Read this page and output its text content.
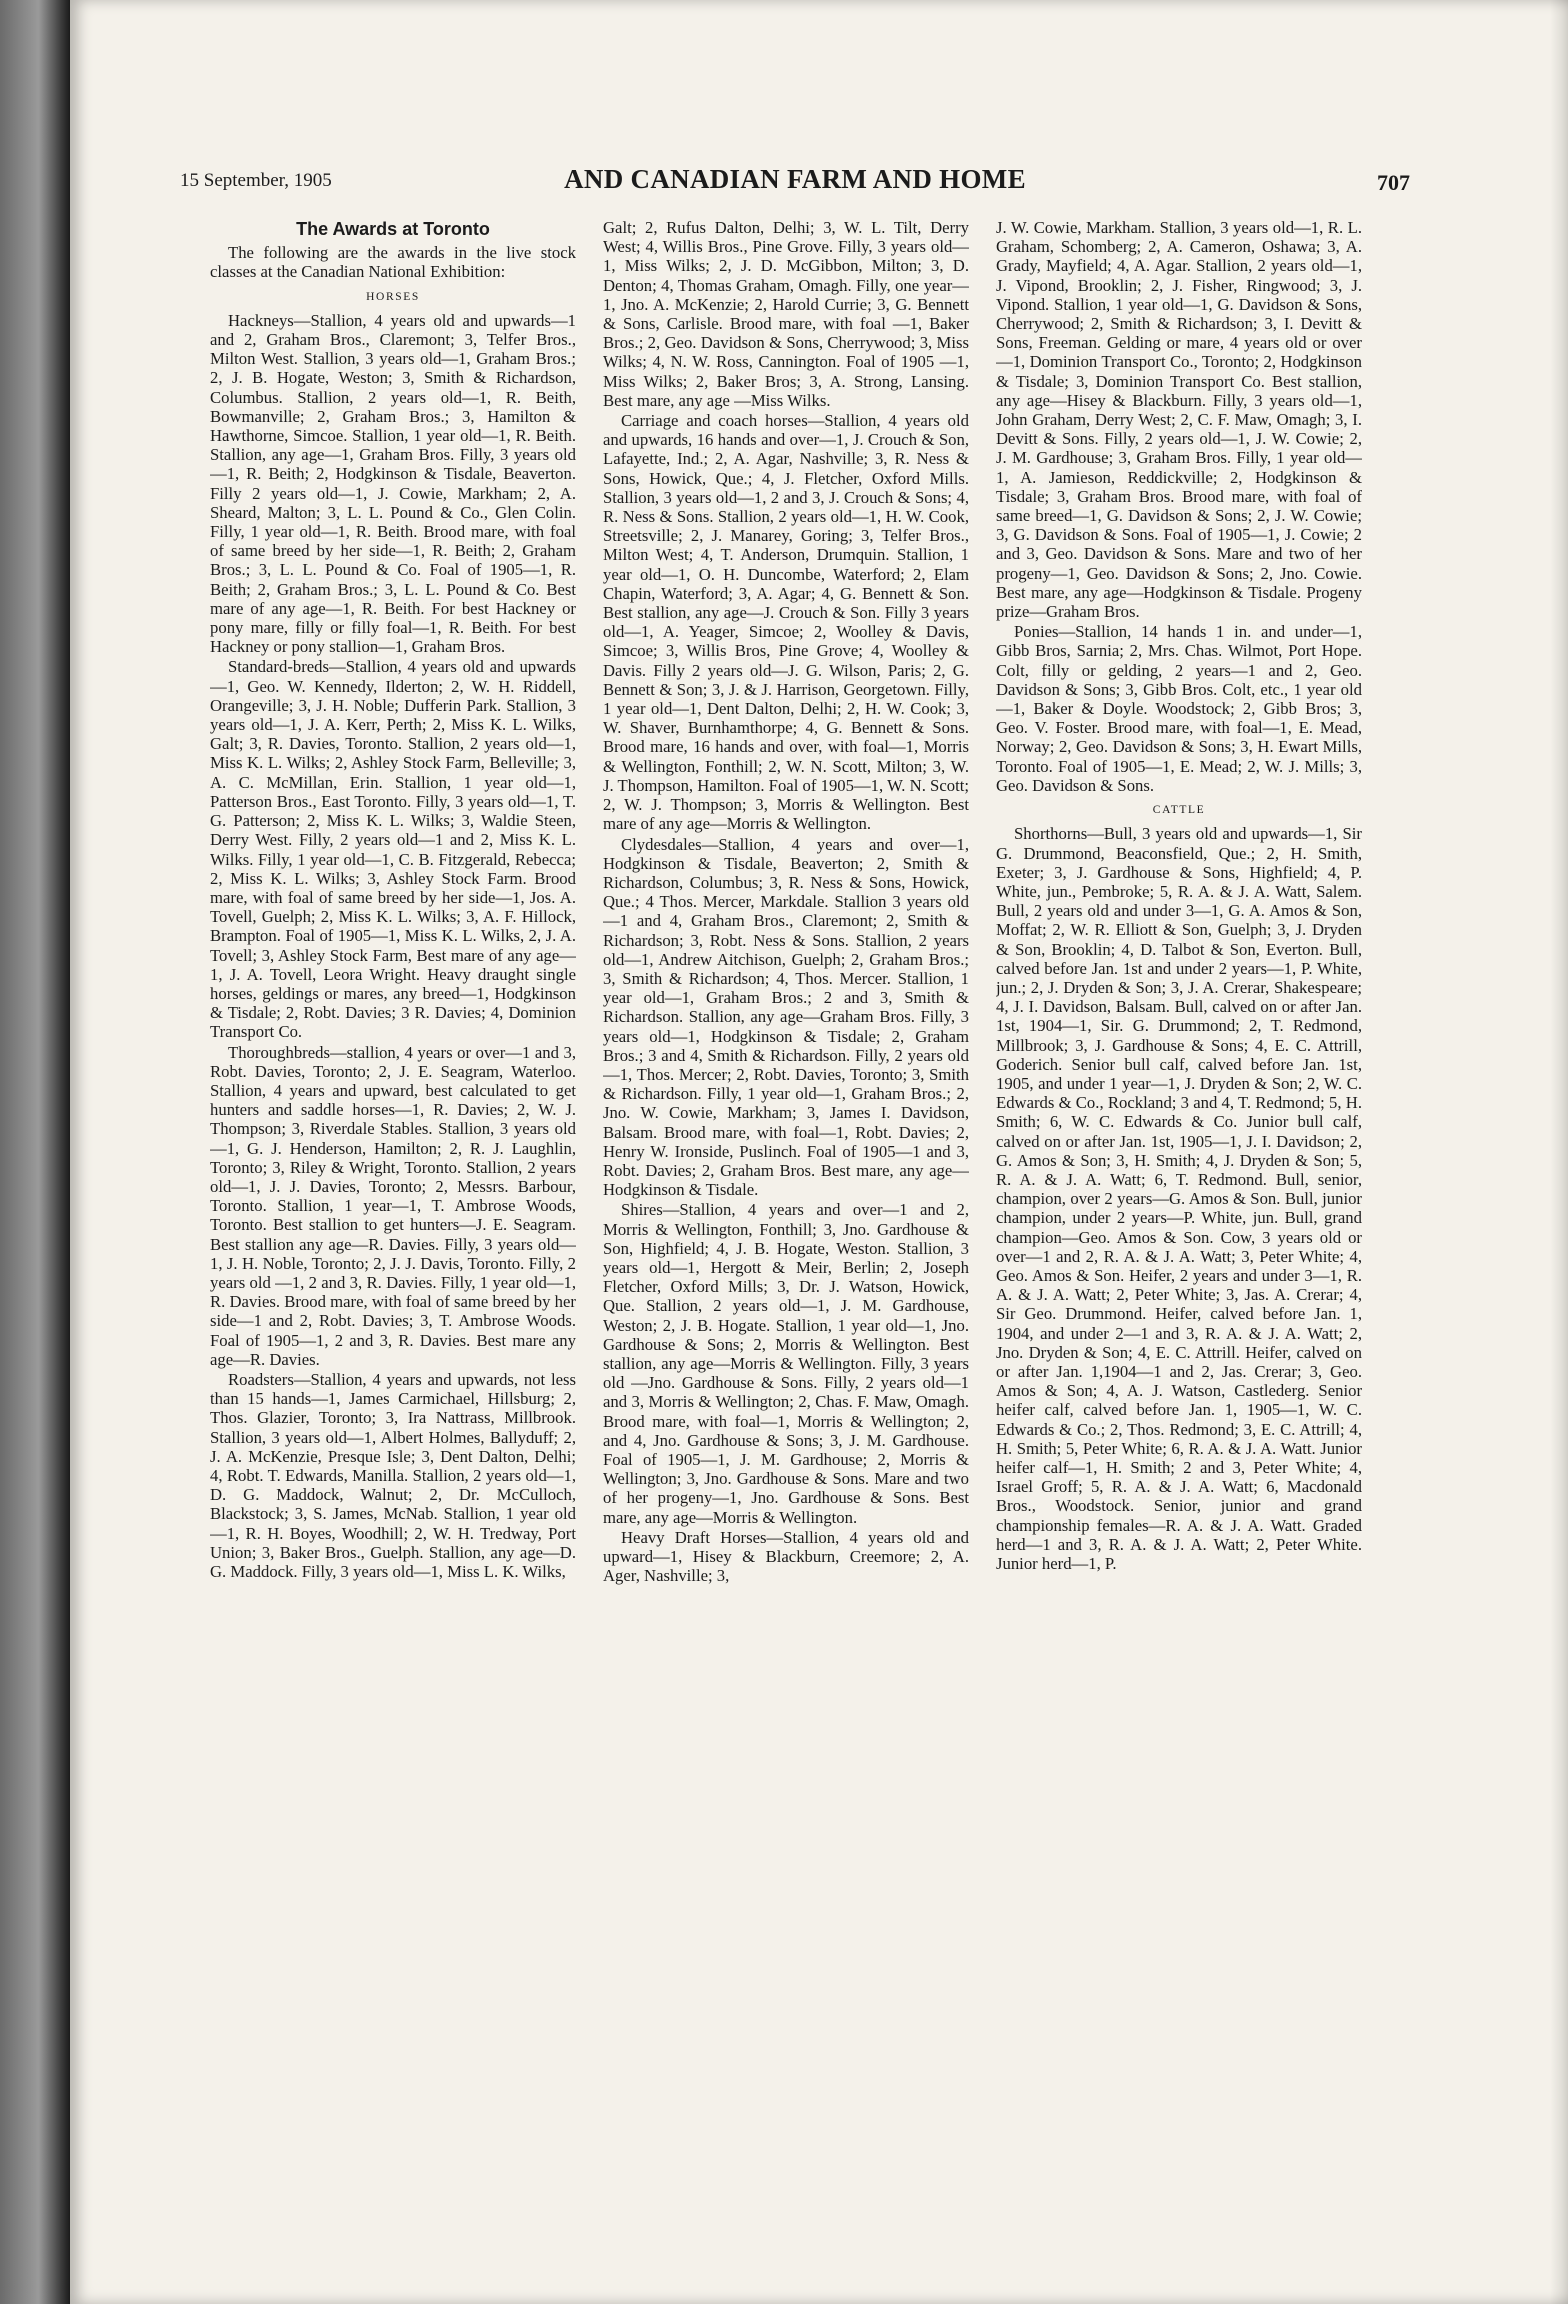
15 September, 1905	AND CANADIAN FARM AND HOME	707
The Awards at Toronto

The following are the awards in the live stock classes at the Canadian National Exhibition:

HORSES

Hackneys—Stallion, 4 years old and upwards—1 and 2, Graham Bros., Claremont; 3, Telfer Bros., Milton West. Stallion, 3 years old—1, Graham Bros.; 2, J. B. Hogate, Weston; 3, Smith & Richardson, Columbus. Stallion, 2 years old—1, R. Beith, Bowmanville; 2, Graham Bros.; 3, Hamilton & Hawthorne, Simcoe. Stallion, 1 year old—1, R. Beith. Stallion, any age—1, Graham Bros. Filly, 3 years old—1, R. Beith; 2, Hodgkinson & Tisdale, Beaverton. Filly 2 years old—1, J. Cowie, Markham; 2, A. Sheard, Malton; 3, L. L. Pound & Co., Glen Colin. Filly, 1 year old—1, R. Beith. Brood mare, with foal of same breed by her side—1, R. Beith; 2, Graham Bros.; 3, L. L. Pound & Co. Foal of 1905—1, R. Beith; 2, Graham Bros.; 3, L. L. Pound & Co. Best mare of any age—1, R. Beith. For best Hackney or pony mare, filly or filly foal—1, R. Beith. For best Hackney or pony stallion—1, Graham Bros.

Standard-breds—Stallion, 4 years old and upwards—1, Geo. W. Kennedy, Ilderton; 2, W. H. Riddell, Orangeville; 3, J. H. Noble; Dufferin Park. Stallion, 3 years old—1, J. A. Kerr, Perth; 2, Miss K. L. Wilks, Galt; 3, R. Davies, Toronto. Stallion, 2 years old—1, Miss K. L. Wilks; 2, Ashley Stock Farm, Belleville; 3, A. C. McMillan, Erin. Stallion, 1 year old—1, Patterson Bros., East Toronto. Filly, 3 years old—1, T. G. Patterson; 2, Miss K. L. Wilks; 3, Waldie Steen, Derry West. Filly, 2 years old—1 and 2, Miss K. L. Wilks. Filly, 1 year old—1, C. B. Fitzgerald, Rebecca; 2, Miss K. L. Wilks; 3, Ashley Stock Farm. Brood mare, with foal of same breed by her side—1, Jos. A. Tovell, Guelph; 2, Miss K. L. Wilks; 3, A. F. Hillock, Brampton. Foal of 1905—1, Miss K. L. Wilks, 2, J. A. Tovell; 3, Ashley Stock Farm, Best mare of any age—1, J. A. Tovell, Leora Wright. Heavy draught single horses, geldings or mares, any breed—1, Hodgkinson & Tisdale; 2, Robt. Davies; 3 R. Davies; 4, Dominion Transport Co.

Thoroughbreds—stallion, 4 years or over—1 and 3, Robt. Davies, Toronto; 2, J. E. Seagram, Waterloo. Stallion, 4 years and upward, best calculated to get hunters and saddle horses—1, R. Davies; 2, W. J. Thompson; 3, Riverdale Stables. Stallion, 3 years old—1, G. J. Henderson, Hamilton; 2, R. J. Laughlin, Toronto; 3, Riley & Wright, Toronto. Stallion, 2 years old—1, J. J. Davies, Toronto; 2, Messrs. Barbour, Toronto. Stallion, 1 year—1, T. Ambrose Woods, Toronto. Best stallion to get hunters—J. E. Seagram. Best stallion any age—R. Davies. Filly, 3 years old—1, J. H. Noble, Toronto; 2, J. J. Davis, Toronto. Filly, 2 years old —1, 2 and 3, R. Davies. Filly, 1 year old—1, R. Davies. Brood mare, with foal of same breed by her side—1 and 2, Robt. Davies; 3, T. Ambrose Woods. Foal of 1905—1, 2 and 3, R. Davies. Best mare any age—R. Davies.

Roadsters—Stallion, 4 years and upwards, not less than 15 hands—1, James Carmichael, Hillsburg; 2, Thos. Glazier, Toronto; 3, Ira Nattrass, Millbrook. Stallion, 3 years old—1, Albert Holmes, Ballyduff; 2, J. A. McKenzie, Presque Isle; 3, Dent Dalton, Delhi; 4, Robt. T. Edwards, Manilla. Stallion, 2 years old—1, D. G. Maddock, Walnut; 2, Dr. McCulloch, Blackstock; 3, S. James, McNab. Stallion, 1 year old—1, R. H. Boyes, Woodhill; 2, W. H. Tredway, Port Union; 3, Baker Bros., Guelph. Stallion, any age—D. G. Maddock. Filly, 3 years old—1, Miss L. K. Wilks,

Galt; 2, Rufus Dalton, Delhi; 3, W. L. Tilt, Derry West; 4, Willis Bros., Pine Grove. Filly, 3 years old—1, Miss Wilks; 2, J. D. McGibbon, Milton; 3, D. Denton; 4, Thomas Graham, Omagh. Filly, one year—1, Jno. A. McKenzie; 2, Harold Currie; 3, G. Bennett & Sons, Carlisle. Brood mare, with foal —1, Baker Bros.; 2, Geo. Davidson & Sons, Cherrywood; 3, Miss Wilks; 4, N. W. Ross, Cannington. Foal of 1905 —1, Miss Wilks; 2, Baker Bros; 3, A. Strong, Lansing. Best mare, any age —Miss Wilks.

Carriage and coach horses—Stallion, 4 years old and upwards, 16 hands and over—1, J. Crouch & Son, Lafayette, Ind.; 2, A. Agar, Nashville; 3, R. Ness & Sons, Howick, Que.; 4, J. Fletcher, Oxford Mills. Stallion, 3 years old—1, 2 and 3, J. Crouch & Sons; 4, R. Ness & Sons. Stallion, 2 years old—1, H. W. Cook, Streetsville; 2, J. Manarey, Goring; 3, Telfer Bros., Milton West; 4, T. Anderson, Drumquin. Stallion, 1 year old—1, O. H. Duncombe, Waterford; 2, Elam Chapin, Waterford; 3, A. Agar; 4, G. Bennett & Son. Best stallion, any age—J. Crouch & Son. Filly 3 years old—1, A. Yeager, Simcoe; 2, Woolley & Davis, Simcoe; 3, Willis Bros, Pine Grove; 4, Woolley & Davis. Filly 2 years old—J. G. Wilson, Paris; 2, G. Bennett & Son; 3, J. & J. Harrison, Georgetown. Filly, 1 year old—1, Dent Dalton, Delhi; 2, H. W. Cook; 3, W. Shaver, Burnhamthorpe; 4, G. Bennett & Sons. Brood mare, 16 hands and over, with foal—1, Morris & Wellington, Fonthill; 2, W. N. Scott, Milton; 3, W. J. Thompson, Hamilton. Foal of 1905—1, W. N. Scott; 2, W. J. Thompson; 3, Morris & Wellington. Best mare of any age—Morris & Wellington.

Clydesdales—Stallion, 4 years and over—1, Hodgkinson & Tisdale, Beaverton; 2, Smith & Richardson, Columbus; 3, R. Ness & Sons, Howick, Que.; 4 Thos. Mercer, Markdale. Stallion 3 years old—1 and 4, Graham Bros., Claremont; 2, Smith & Richardson; 3, Robt. Ness & Sons. Stallion, 2 years old—1, Andrew Aitchison, Guelph; 2, Graham Bros.; 3, Smith & Richardson; 4, Thos. Mercer. Stallion, 1 year old—1, Graham Bros.; 2 and 3, Smith & Richardson. Stallion, any age—Graham Bros. Filly, 3 years old—1, Hodgkinson & Tisdale; 2, Graham Bros.; 3 and 4, Smith & Richardson. Filly, 2 years old—1, Thos. Mercer; 2, Robt. Davies, Toronto; 3, Smith & Richardson. Filly, 1 year old—1, Graham Bros.; 2, Jno. W. Cowie, Markham; 3, James I. Davidson, Balsam. Brood mare, with foal—1, Robt. Davies; 2, Henry W. Ironside, Puslinch. Foal of 1905—1 and 3, Robt. Davies; 2, Graham Bros. Best mare, any age—Hodgkinson & Tisdale.

Shires—Stallion, 4 years and over—1 and 2, Morris & Wellington, Fonthill; 3, Jno. Gardhouse & Son, Highfield; 4, J. B. Hogate, Weston. Stallion, 3 years old—1, Hergott & Meir, Berlin; 2, Joseph Fletcher, Oxford Mills; 3, Dr. J. Watson, Howick, Que. Stallion, 2 years old—1, J. M. Gardhouse, Weston; 2, J. B. Hogate. Stallion, 1 year old—1, Jno. Gardhouse & Sons; 2, Morris & Wellington. Best stallion, any age—Morris & Wellington. Filly, 3 years old —Jno. Gardhouse & Sons. Filly, 2 years old—1 and 3, Morris & Wellington; 2, Chas. F. Maw, Omagh. Brood mare, with foal—1, Morris & Wellington; 2, and 4, Jno. Gardhouse & Sons; 3, J. M. Gardhouse. Foal of 1905—1, J. M. Gardhouse; 2, Morris & Wellington; 3, Jno. Gardhouse & Sons. Mare and two of her progeny—1, Jno. Gardhouse & Sons. Best mare, any age—Morris & Wellington.

Heavy Draft Horses—Stallion, 4 years old and upward—1, Hisey & Blackburn, Creemore; 2, A. Ager, Nashville; 3,

J. W. Cowie, Markham. Stallion, 3 years old—1, R. L. Graham, Schomberg; 2, A. Cameron, Oshawa; 3, A. Grady, Mayfield; 4, A. Agar. Stallion, 2 years old—1, J. Vipond, Brooklin; 2, J. Fisher, Ringwood; 3, J. Vipond. Stallion, 1 year old—1, G. Davidson & Sons, Cherrywood; 2, Smith & Richardson; 3, I. Devitt & Sons, Freeman. Gelding or mare, 4 years old or over—1, Dominion Transport Co., Toronto; 2, Hodgkinson & Tisdale; 3, Dominion Transport Co. Best stallion, any age—Hisey & Blackburn. Filly, 3 years old—1, John Graham, Derry West; 2, C. F. Maw, Omagh; 3, I. Devitt & Sons. Filly, 2 years old—1, J. W. Cowie; 2, J. M. Gardhouse; 3, Graham Bros. Filly, 1 year old—1, A. Jamieson, Reddickville; 2, Hodgkinson & Tisdale; 3, Graham Bros. Brood mare, with foal of same breed—1, G. Davidson & Sons; 2, J. W. Cowie; 3, G. Davidson & Sons. Foal of 1905—1, J. Cowie; 2 and 3, Geo. Davidson & Sons. Mare and two of her progeny—1, Geo. Davidson & Sons; 2, Jno. Cowie. Best mare, any age—Hodgkinson & Tisdale. Progeny prize—Graham Bros.

Ponies—Stallion, 14 hands 1 in. and under—1, Gibb Bros, Sarnia; 2, Mrs. Chas. Wilmot, Port Hope. Colt, filly or gelding, 2 years—1 and 2, Geo. Davidson & Sons; 3, Gibb Bros. Colt, etc., 1 year old—1, Baker & Doyle. Woodstock; 2, Gibb Bros; 3, Geo. V. Foster. Brood mare, with foal—1, E. Mead, Norway; 2, Geo. Davidson & Sons; 3, H. Ewart Mills, Toronto. Foal of 1905—1, E. Mead; 2, W. J. Mills; 3, Geo. Davidson & Sons.

CATTLE

Shorthorns—Bull, 3 years old and upwards—1, Sir G. Drummond, Beaconsfield, Que.; 2, H. Smith, Exeter; 3, J. Gardhouse & Sons, Highfield; 4, P. White, jun., Pembroke; 5, R. A. & J. A. Watt, Salem. Bull, 2 years old and under 3—1, G. A. Amos & Son, Moffat; 2, W. R. Elliott & Son, Guelph; 3, J. Dryden & Son, Brooklin; 4, D. Talbot & Son, Everton. Bull, calved before Jan. 1st and under 2 years—1, P. White, jun.; 2, J. Dryden & Son; 3, J. A. Crerar, Shakespeare; 4, J. I. Davidson, Balsam. Bull, calved on or after Jan. 1st, 1904—1, Sir. G. Drummond; 2, T. Redmond, Millbrook; 3, J. Gardhouse & Sons; 4, E. C. Attrill, Goderich. Senior bull calf, calved before Jan. 1st, 1905, and under 1 year—1, J. Dryden & Son; 2, W. C. Edwards & Co., Rockland; 3 and 4, T. Redmond; 5, H. Smith; 6, W. C. Edwards & Co. Junior bull calf, calved on or after Jan. 1st, 1905—1, J. I. Davidson; 2, G. Amos & Son; 3, H. Smith; 4, J. Dryden & Son; 5, R. A. & J. A. Watt; 6, T. Redmond. Bull, senior, champion, over 2 years—G. Amos & Son. Bull, junior champion, under 2 years—P. White, jun. Bull, grand champion—Geo. Amos & Son. Cow, 3 years old or over—1 and 2, R. A. & J. A. Watt; 3, Peter White; 4, Geo. Amos & Son. Heifer, 2 years and under 3—1, R. A. & J. A. Watt; 2, Peter White; 3, Jas. A. Crerar; 4, Sir Geo. Drummond. Heifer, calved before Jan. 1, 1904, and under 2—1 and 3, R. A. & J. A. Watt; 2, Jno. Dryden & Son; 4, E. C. Attrill. Heifer, calved on or after Jan. 1,1904—1 and 2, Jas. Crerar; 3, Geo. Amos & Son; 4, A. J. Watson, Castlederg. Senior heifer calf, calved before Jan. 1, 1905—1, W. C. Edwards & Co.; 2, Thos. Redmond; 3, E. C. Attrill; 4, H. Smith; 5, Peter White; 6, R. A. & J. A. Watt. Junior heifer calf—1, H. Smith; 2 and 3, Peter White; 4, Israel Groff; 5, R. A. & J. A. Watt; 6, Macdonald Bros., Woodstock. Senior, junior and grand championship females—R. A. & J. A. Watt. Graded herd—1 and 3, R. A. & J. A. Watt; 2, Peter White. Junior herd—1, P.
